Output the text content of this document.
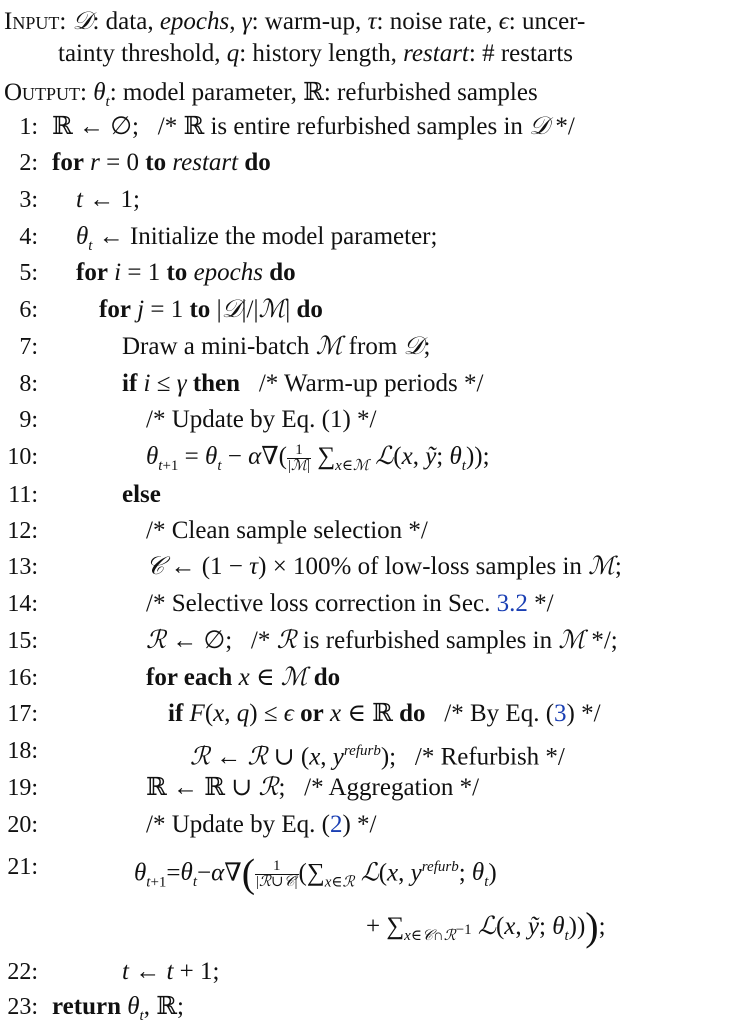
Input: 𝒟: data, epochs, γ: warm-up, τ: noise rate, ϵ: uncer-
tainty threshold, q: history length, restart: # restarts
Output: $\theta_t$: model parameter, ℝ: refurbished samples
1: ℝ ← ∅;   /* ℝ is entire refurbished samples in 𝒟 */
2: for r = 0 to restart do
3: t ← 1;
4: $\theta_t$ ← Initialize the model parameter;
5: for i = 1 to epochs do
6: for j = 1 to |𝒟|/|ℳ| do
7:	Draw a mini-batch ℳ from 𝒟;
8:	if i ≤ γ then   /* Warm-up periods */
9:	/* Update by Eq. (1) */
10:	$\theta_{t+1} = \theta_t - \alpha\nabla( \frac{1}{\text{|ℳ|}} \sum_{x\in ℳ}$ ℒ(x, ỹ; $\theta_t$));
11:	else
12:	/* Clean sample selection */
13:	𝒞 ← (1 − τ) × 100% of low-loss samples in ℳ;
14:	/* Selective loss correction in Sec. 3.2 */
15:	ℛ ← ∅;   /* ℛ is refurbished samples in ℳ */;
16:	for each x ∈ ℳ do
17:	if F(x, q) ≤ ϵ or x ∈ ℝ do   /* By Eq. (3) */
18:	ℛ ← ℛ ∪ (x, $y^{refurb}$);   /* Refurbish */
19:	ℝ ← ℝ ∪ ℛ;   /* Aggregation */
20:	/* Update by Eq. (2) */
21:	$\theta_{t+1}=\theta_t-\alpha\nabla( \frac{1}{\text{|ℛ∪𝒞|}} (\sum_{x\in ℛ}$ ℒ(x, $y^{refurb}$; $\theta_t$)
+ $\sum_{x\in 𝒞\cap ℛ^{-1}}$ ℒ(x, ỹ; $\theta_t$)));
22:	t ← t + 1;
23: return $\theta_t$, ℝ;
